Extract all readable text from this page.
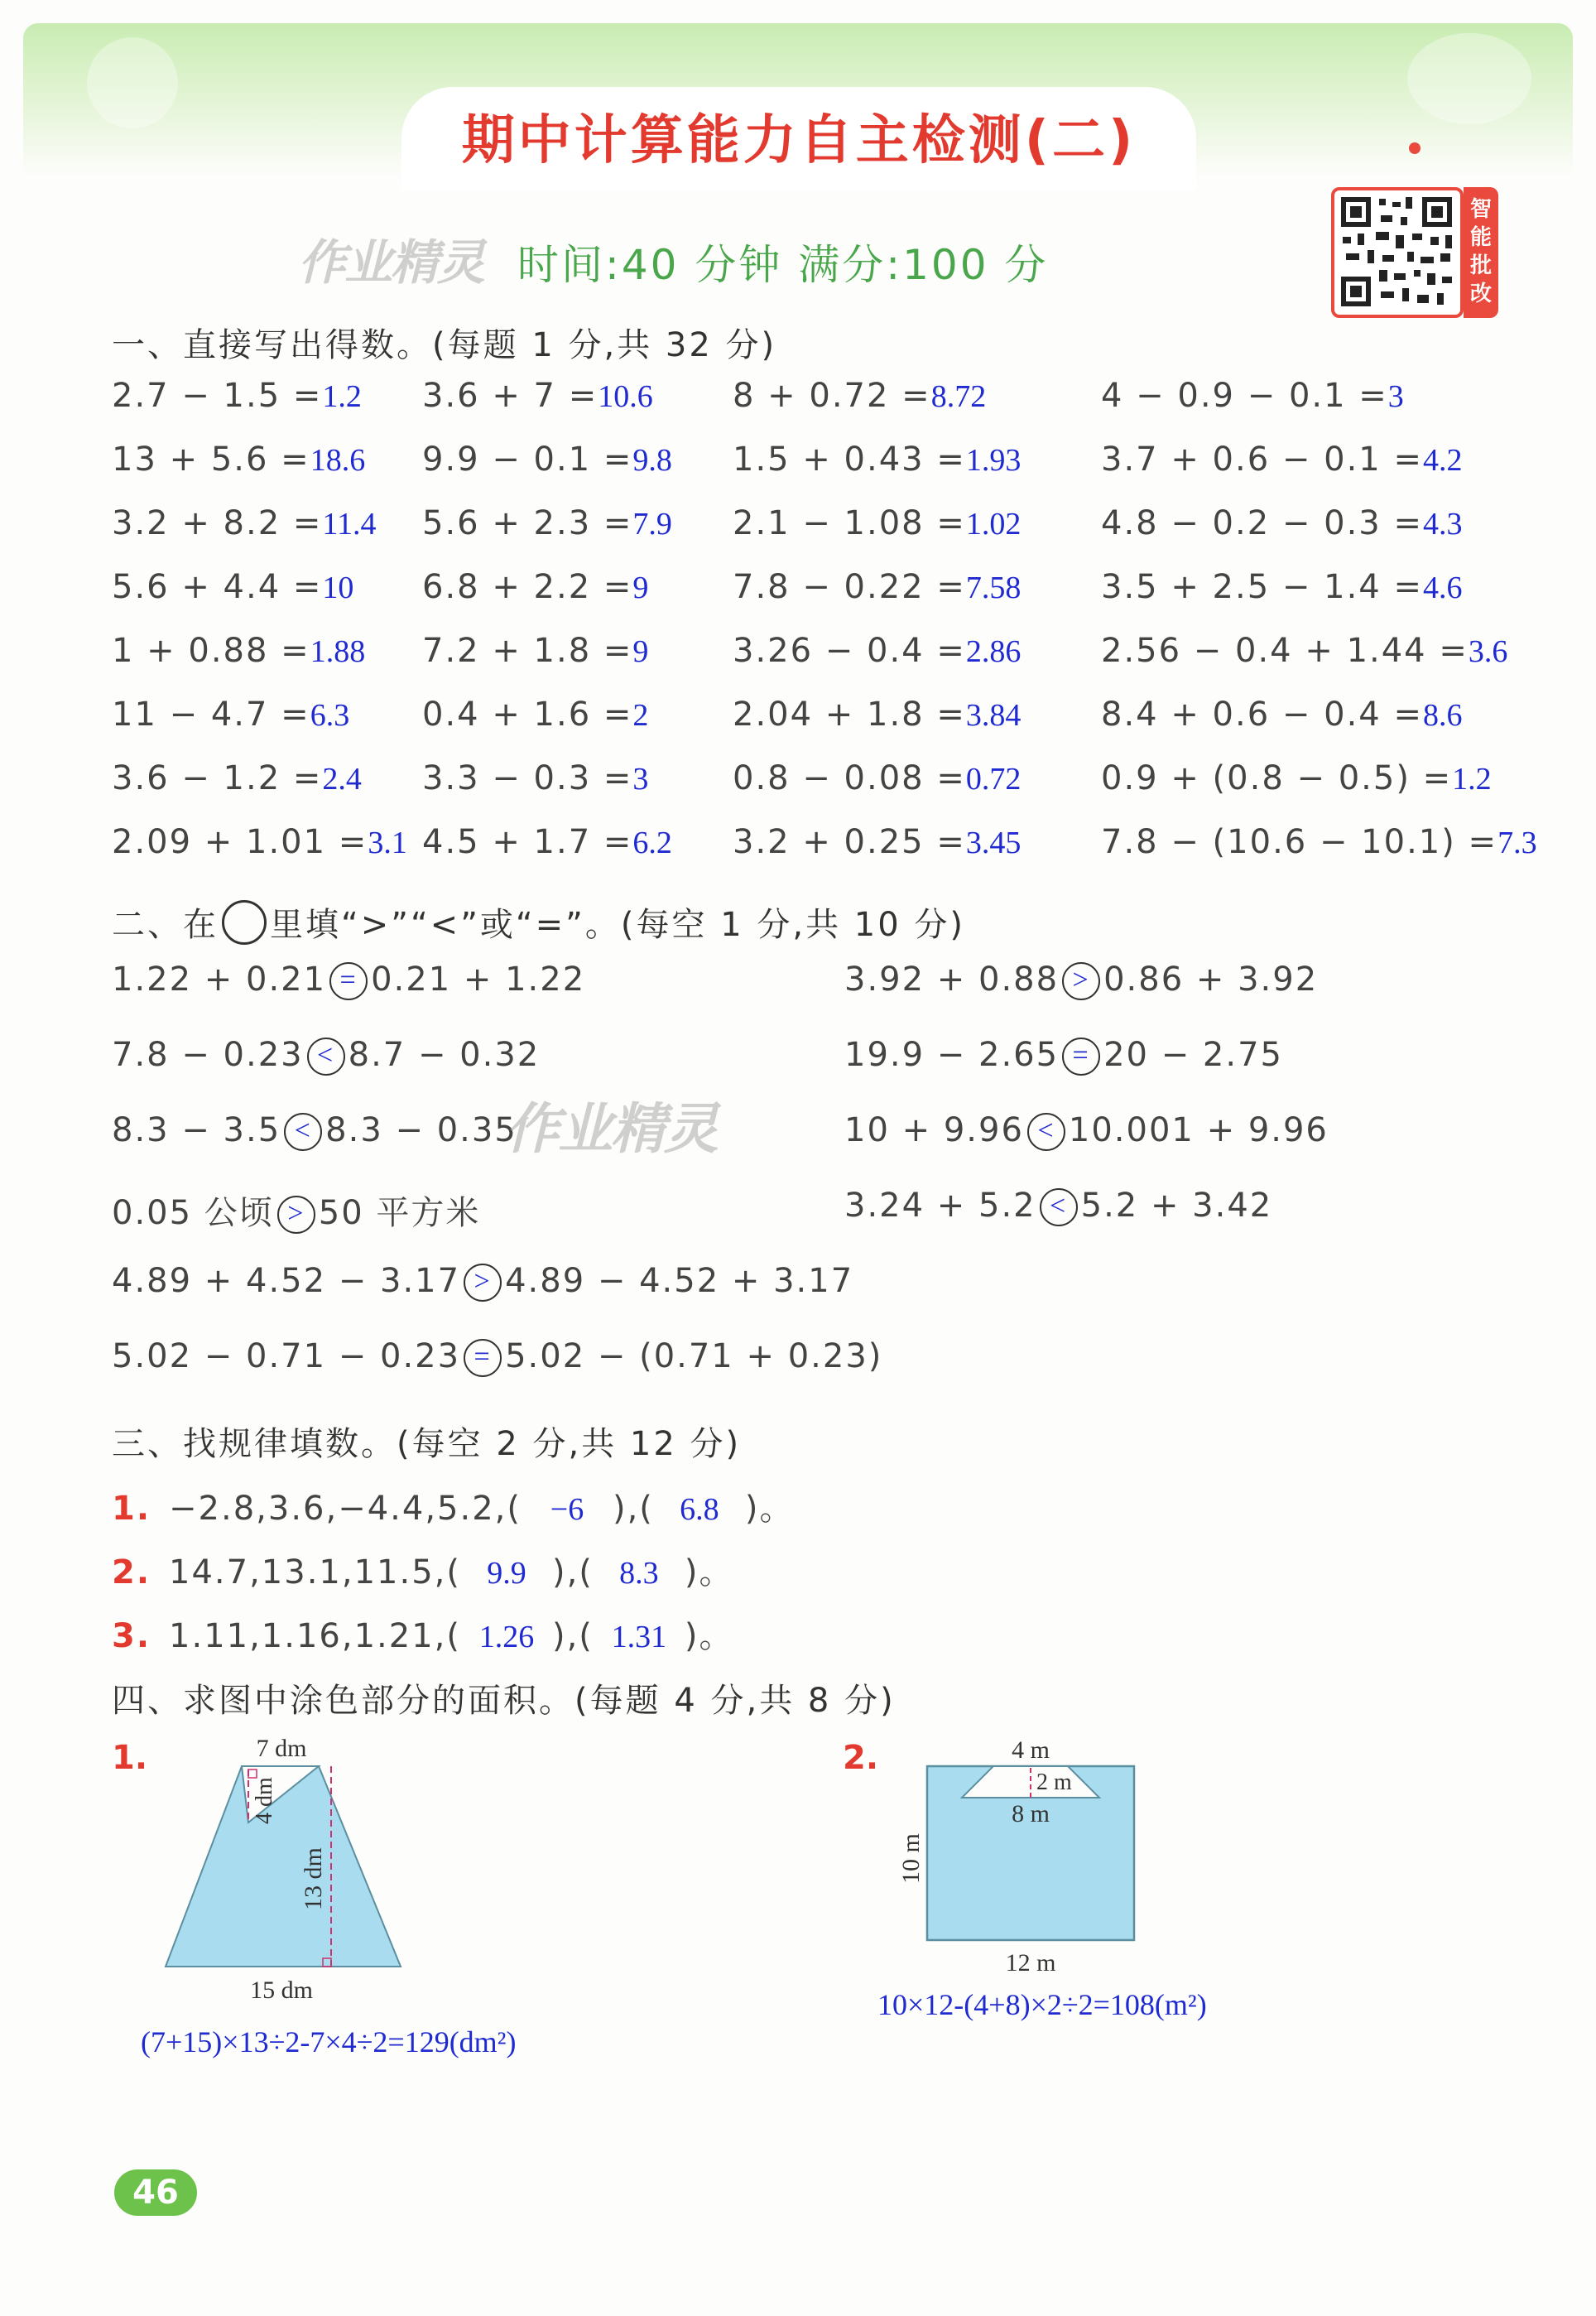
期中计算能力自主检测(二)
作业精灵 时间:40 分钟 满分:100 分
智能批改
一、直接写出得数。(每题 1 分,共 32 分)
2.7 − 1.5 =1.2 3.6 + 7 =10.6 8 + 0.72 =8.72	4 − 0.9 − 0.1 =3
13 + 5.6 =18.6 9.9 − 0.1 =9.8 1.5 + 0.43 =1.93 3.7 + 0.6 − 0.1 =4.2
3.2 + 8.2 =11.4 5.6 + 2.3 =7.9 2.1 − 1.08 =1.02 4.8 − 0.2 − 0.3 =4.3
5.6 + 4.4 =10 6.8 + 2.2 =9	7.8 − 0.22 =7.58 3.5 + 2.5 − 1.4 =4.6
1 + 0.88 =1.88 7.2 + 1.8 =9	3.26 − 0.4 =2.86 2.56 − 0.4 + 1.44 =3.6
11 − 4.7 =6.3 0.4 + 1.6 =2	2.04 + 1.8 =3.84 8.4 + 0.6 − 0.4 =8.6
3.6 − 1.2 =2.4 3.3 − 0.3 =3	0.8 − 0.08 =0.72 0.9 + (0.8 − 0.5) =1.2
2.09 + 1.01 =3.1 4.5 + 1.7 =6.2 3.2 + 0.25 =3.45 7.8 − (10.6 − 10.1) =7.3
二、在 里填“>”“<”或“=”。(每空 1 分,共 10 分)
1.22 + 0.21 = 0.21 + 1.22	3.92 + 0.88 > 0.86 + 3.92
7.8 − 0.23 < 8.7 − 0.32	19.9 − 2.65 = 20 − 2.75
8.3 − 3.5 < 8.3 − 0.35	10 + 9.96 < 10.001 + 9.96
0.05 公顷 > 50 平方米	3.24 + 5.2 < 5.2 + 3.42
4.89 + 4.52 − 3.17 > 4.89 − 4.52 + 3.17
5.02 − 0.71 − 0.23 = 5.02 − (0.71 + 0.23)
作业精灵
三、找规律填数。(每空 2 分,共 12 分)
1. −2.8,3.6,−4.4,5.2,( −6 ),( 6.8 )。
2. 14.7,13.1,11.5,( 9.9 ),( 8.3 )。
3. 1.11,1.16,1.21,( 1.26 ),( 1.31 )。
四、求图中涂色部分的面积。(每题 4 分,共 8 分)
1.	7 dm
4 dm
13 dm
15 dm
(7+15)×13÷2-7×4÷2=129(dm²)
2.	4 m
2 m
8 m
10 m
12 m
10×12-(4+8)×2÷2=108(m²)
46
